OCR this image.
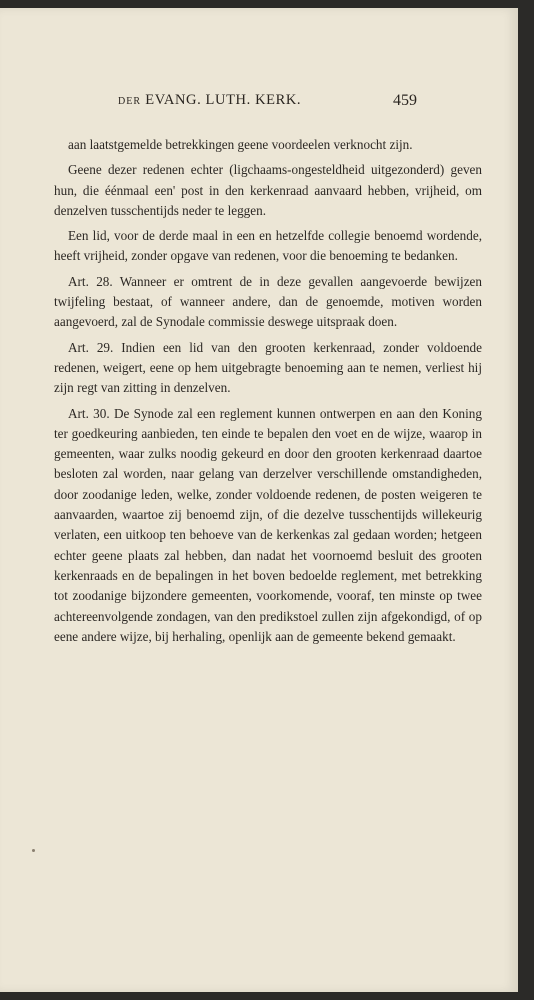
DER EVANG. LUTH. KERK.	459

aan laatstgemelde betrekkingen geene voordeelen verknocht zijn.

Geene dezer redenen echter (ligchaams-ongesteldheid uitgezonderd) geven hun, die éénmaal een' post in den kerkenraad aanvaard hebben, vrijheid, om denzelven tusschentijds neder te leggen.

Een lid, voor de derde maal in een en hetzelfde collegie benoemd wordende, heeft vrijheid, zonder opgave van redenen, voor die benoeming te bedanken.

Art. 28. Wanneer er omtrent de in deze gevallen aangevoerde bewijzen twijfeling bestaat, of wanneer andere, dan de genoemde, motiven worden aangevoerd, zal de Synodale commissie deswege uitspraak doen.

Art. 29. Indien een lid van den grooten kerkenraad, zonder voldoende redenen, weigert, eene op hem uitgebragte benoeming aan te nemen, verliest hij zijn regt van zitting in denzelven.

Art. 30. De Synode zal een reglement kunnen ontwerpen en aan den Koning ter goedkeuring aanbieden, ten einde te bepalen den voet en de wijze, waarop in gemeenten, waar zulks noodig gekeurd en door den grooten kerkenraad daartoe besloten zal worden, naar gelang van derzelver verschillende omstandigheden, door zoodanige leden, welke, zonder voldoende redenen, de posten weigeren te aanvaarden, waartoe zij benoemd zijn, of die dezelve tusschentijds willekeurig verlaten, een uitkoop ten behoeve van de kerkenkas zal gedaan worden; hetgeen echter geene plaats zal hebben, dan nadat het voornoemd besluit des grooten kerkenraads en de bepalingen in het boven bedoelde reglement, met betrekking tot zoodanige bijzondere gemeenten, voorkomende, vooraf, ten minste op twee achtereenvolgende zondagen, van den predikstoel zullen zijn afgekondigd, of op eene andere wijze, bij herhaling, openlijk aan de gemeente bekend gemaakt.
